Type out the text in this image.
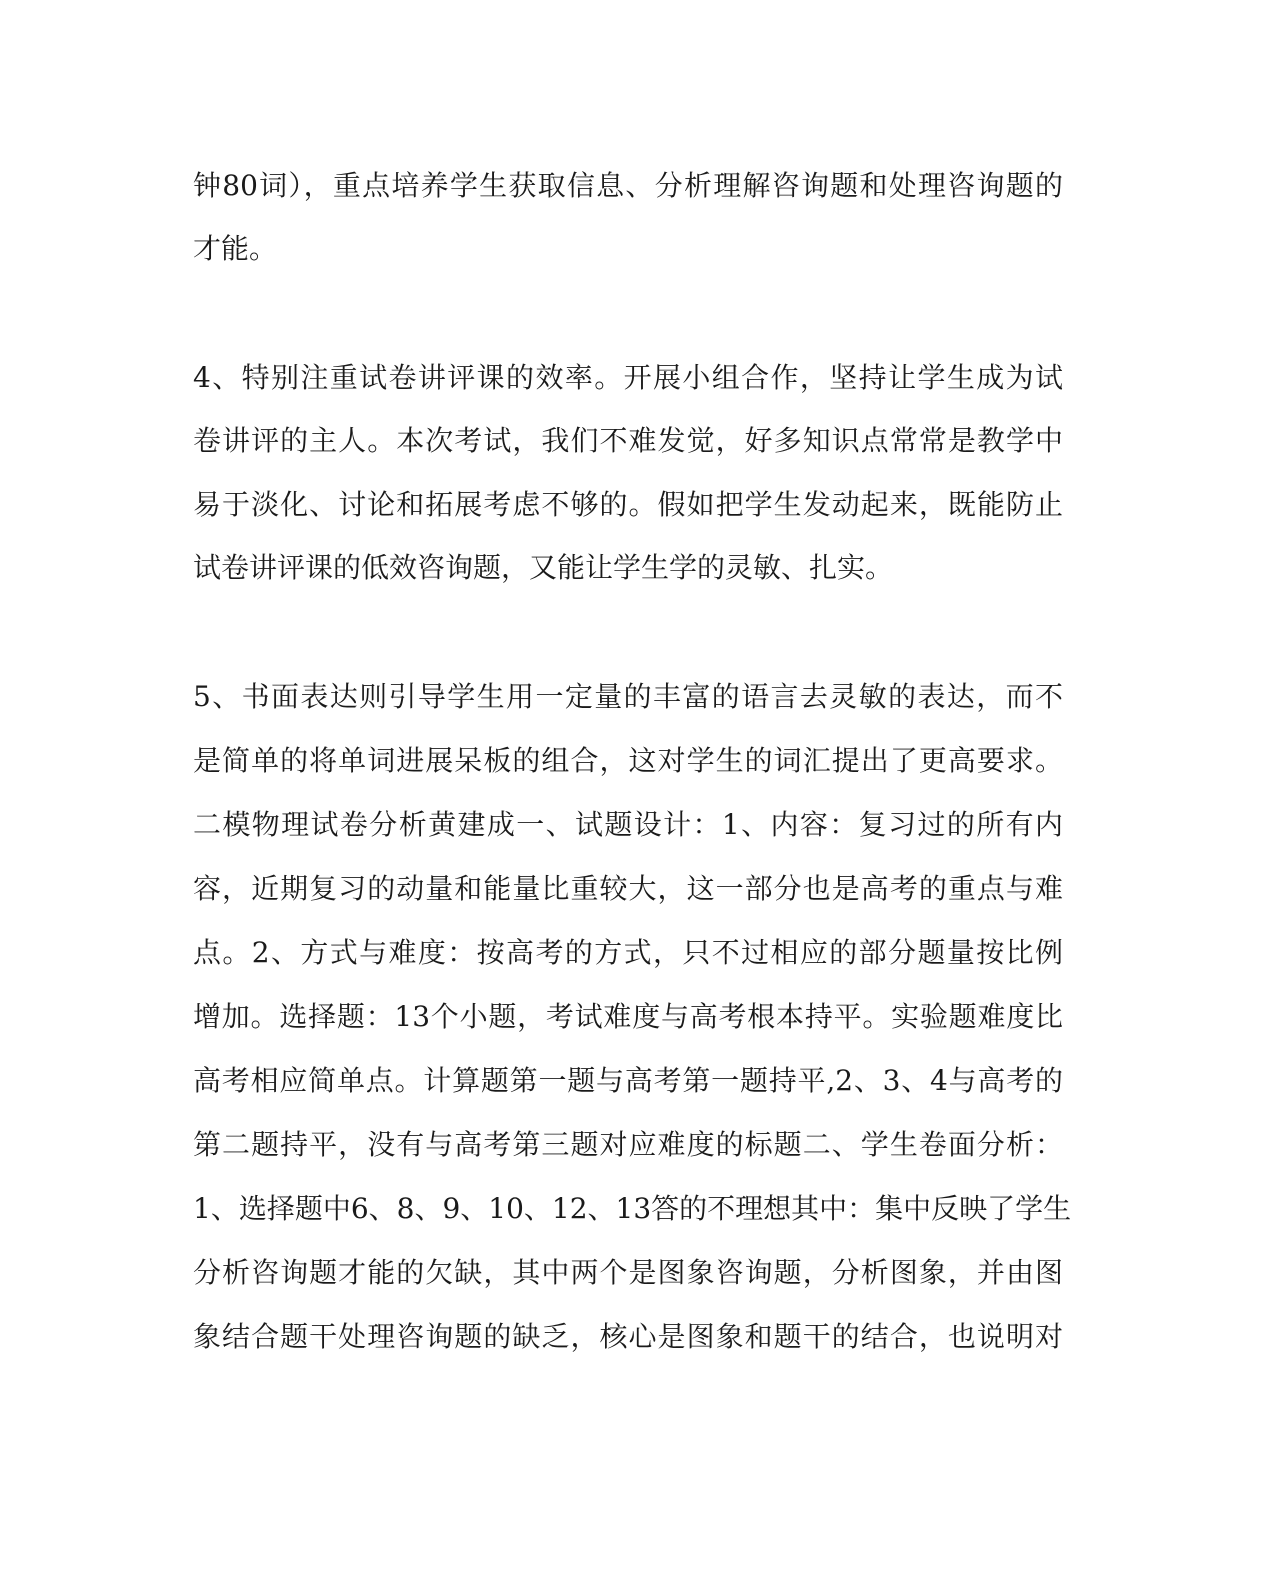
钟80词），重点培养学生获取信息、分析理解咨询题和处理咨询题的

才能。

4、特别注重试卷讲评课的效率。开展小组合作，坚持让学生成为试

卷讲评的主人。本次考试，我们不难发觉，好多知识点常常是教学中

易于淡化、讨论和拓展考虑不够的。假如把学生发动起来，既能防止

试卷讲评课的低效咨询题，又能让学生学的灵敏、扎实。

5、书面表达则引导学生用一定量的丰富的语言去灵敏的表达，而不

是简单的将单词进展呆板的组合，这对学生的词汇提出了更高要求。

二模物理试卷分析黄建成一、试题设计：1、内容：复习过的所有内

容，近期复习的动量和能量比重较大，这一部分也是高考的重点与难

点。2、方式与难度：按高考的方式，只不过相应的部分题量按比例

增加。选择题：13个小题，考试难度与高考根本持平。实验题难度比

高考相应简单点。计算题第一题与高考第一题持平,2、3、4与高考的

第二题持平，没有与高考第三题对应难度的标题二、学生卷面分析：

1、选择题中6、8、9、10、12、13答的不理想其中：集中反映了学生

分析咨询题才能的欠缺，其中两个是图象咨询题，分析图象，并由图

象结合题干处理咨询题的缺乏，核心是图象和题干的结合，也说明对
